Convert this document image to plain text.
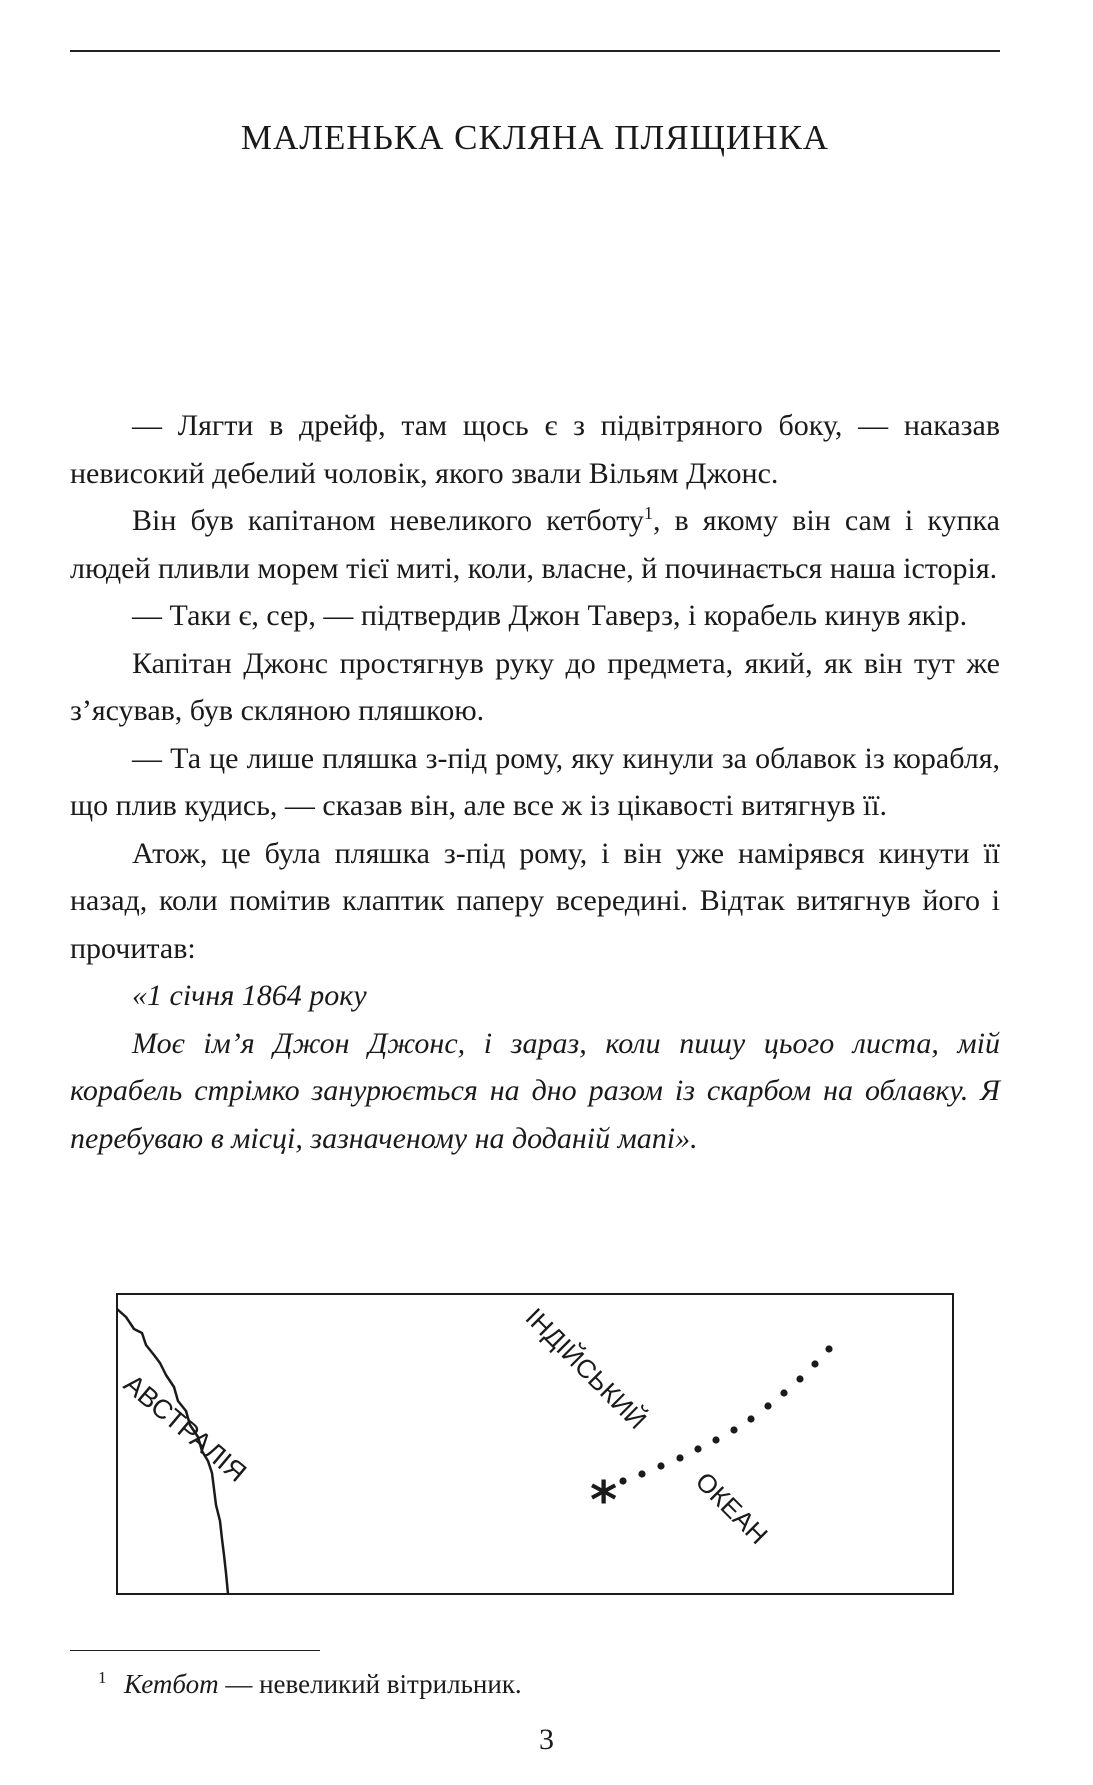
МАЛЕНЬКА СКЛЯНА ПЛЯЩИНКА

— Лягти в дрейф, там щось є з підвітряного боку, — наказав невисокий дебелий чоловік, якого звали Вільям Джонс.

Він був капітаном невеликого кетботу$^1$, в якому він сам і купка людей пливли морем тієї миті, коли, власне, й починається наша історія.

— Таки є, сер, — підтвердив Джон Таверз, і корабель кинув якір.

Капітан Джонс простягнув руку до предмета, який, як він тут же з’ясував, був скляною пляшкою.

— Та це лише пляшка з-під рому, яку кинули за облавок із корабля, що плив кудись, — сказав він, але все ж із цікавості витягнув її.

Атож, це була пляшка з-під рому, і він уже намірявся кинути її назад, коли помітив клаптик паперу всередині. Відтак витягнув його і прочитав:

«1 січня 1864 року

Моє ім’я Джон Джонс, і зараз, коли пишу цього листа, мій корабель стрімко занурюється на дно разом із скарбом на облавку. Я перебуваю в місці, зазначеному на доданій мапі».

АВСТРАЛІЯ	ІНДІЙСЬКИЙ
ОКЕАН
*
1 Кетбот — невеликий вітрильник.
3
